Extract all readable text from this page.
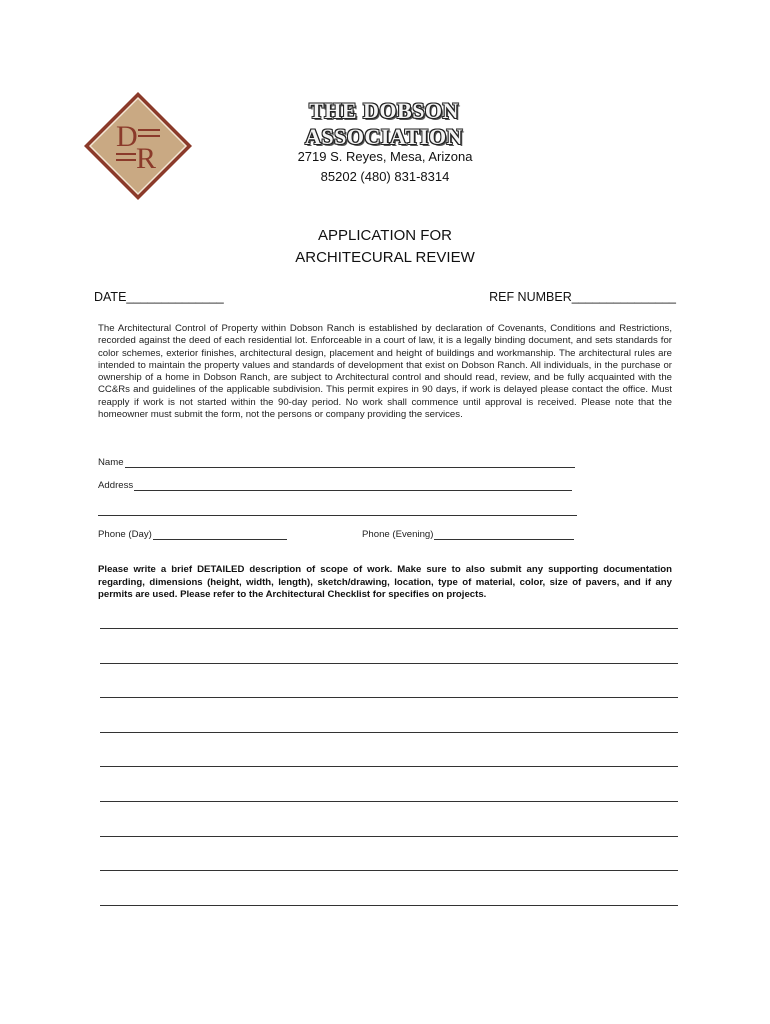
D
R
THE DOBSON
ASSOCIATION
2719 S. Reyes, Mesa, Arizona
85202 (480) 831-8314
APPLICATION FOR
ARCHITECURAL REVIEW
DATE______________	REF NUMBER_______________
The Architectural Control of Property within Dobson Ranch is established by declaration of Covenants, Conditions and Restrictions, recorded against the deed of each residential lot. Enforceable in a court of law, it is a legally binding document, and sets standards for color schemes, exterior finishes, architectural design, placement and height of buildings and workmanship. The architectural rules are intended to maintain the property values and standards of development that exist on Dobson Ranch. All individuals, in the purchase or ownership of a home in Dobson Ranch, are subject to Architectural control and should read, review, and be fully acquainted with the CC&Rs and guidelines of the applicable subdivision. This permit expires in 90 days, if work is delayed please contact the office. Must reapply if work is not started within the 90-day period. No work shall commence until approval is received. Please note that the homeowner must submit the form, not the persons or company providing the services.
Name
Address
Phone (Day)	Phone (Evening)
Please write a brief DETAILED description of scope of work. Make sure to also submit any supporting documentation regarding, dimensions (height, width, length), sketch/drawing, location, type of material, color, size of pavers, and if any permits are used. Please refer to the Architectural Checklist for specifies on projects.
